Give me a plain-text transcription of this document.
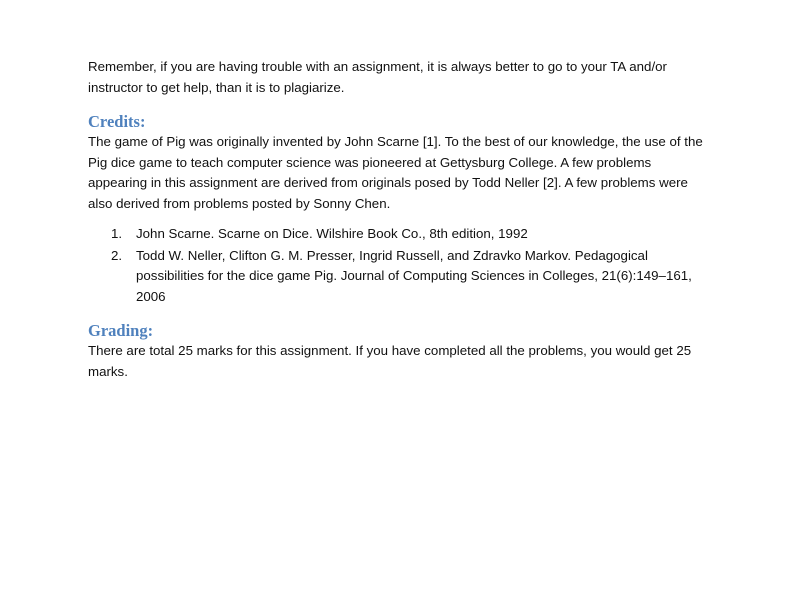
Remember, if you are having trouble with an assignment, it is always better to go to your TA and/or instructor to get help, than it is to plagiarize.

Credits:

The game of Pig was originally invented by John Scarne [1]. To the best of our knowledge, the use of the Pig dice game to teach computer science was pioneered at Gettysburg College. A few problems appearing in this assignment are derived from originals posed by Todd Neller [2]. A few problems were also derived from problems posted by Sonny Chen.

1. John Scarne. Scarne on Dice. Wilshire Book Co., 8th edition, 1992
2. Todd W. Neller, Clifton G. M. Presser, Ingrid Russell, and Zdravko Markov. Pedagogical possibilities for the dice game Pig. Journal of Computing Sciences in Colleges, 21(6):149–161, 2006
Grading:

There are total 25 marks for this assignment. If you have completed all the problems, you would get 25 marks.
